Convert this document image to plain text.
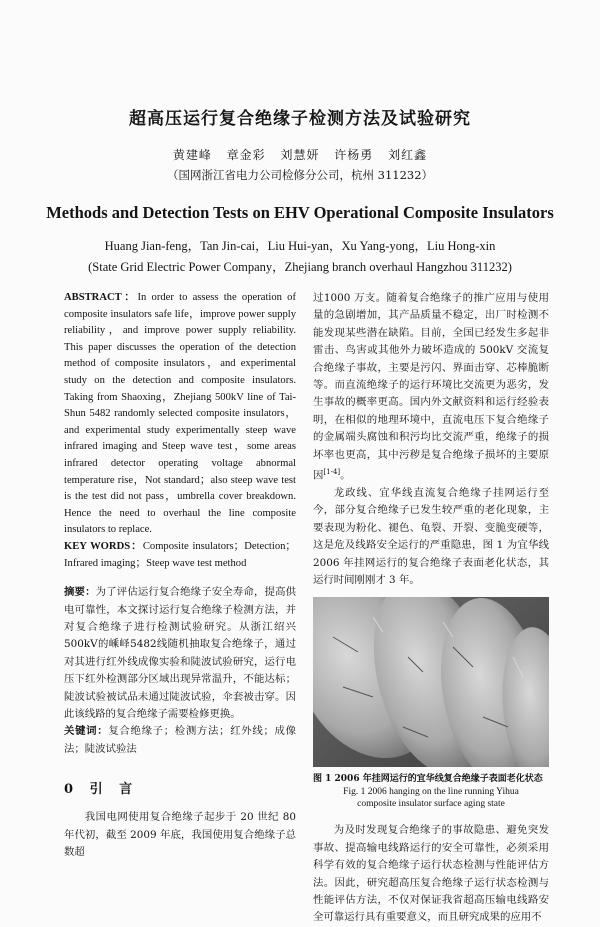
超高压运行复合绝缘子检测方法及试验研究
黄建峰 章金彩 刘慧妍 许杨勇 刘红鑫
（国网浙江省电力公司检修分公司，杭州 311232）
Methods and Detection Tests on EHV Operational Composite Insulators
Huang Jian-feng，Tan Jin-cai，Liu Hui-yan，Xu Yang-yong，Liu Hong-xin
(State Grid Electric Power Company，Zhejiang branch overhaul Hangzhou 311232)

ABSTRACT：In order to assess the operation of composite insulators safe life，improve power supply reliability，and improve power supply reliability. This paper discusses the operation of the detection method of composite insulators，and experimental study on the detection and composite insulators. Taking from Shaoxing，Zhejiang 500kV line of Tai- Shun 5482 randomly selected composite insulators，and experimental study experimentally steep wave infrared imaging and Steep wave test，some areas infrared detector operating voltage abnormal temperature rise，Not standard；also steep wave test is the test did not pass，umbrella cover breakdown. Hence the need to overhaul the line composite insulators to replace.

KEY WORDS：Composite insulators；Detection；Infrared imaging；Steep wave test method

摘要：为了评估运行复合绝缘子安全寿命，提高供电可靠性，本文探讨运行复合绝缘子检测方法，并对复合绝缘子进行检测试验研究。从浙江绍兴500kV的嵊峄5482线随机抽取复合绝缘子，通过对其进行红外线成像实验和陡波试验研究，运行电压下红外检测部分区域出现异常温升，不能达标；陡波试验被试品未通过陡波试验，伞套被击穿。因此该线路的复合绝缘子需要检修更换。

关键词：复合绝缘子；检测方法；红外线；成像法；陡波试验法

0 引 言

我国电网使用复合绝缘子起步于 20 世纪 80 年代初，截至 2009 年底，我国使用复合绝缘子总数超

过1000 万支。随着复合绝缘子的推广应用与使用量的急剧增加，其产品质量不稳定，出厂时检测不能发现某些潜在缺陷。目前，全国已经发生多起非雷击、鸟害或其他外力破坏造成的 500kV 交流复合绝缘子事故，主要是污闪、界面击穿、芯棒脆断等。而直流绝缘子的运行环境比交流更为恶劣，发生事故的概率更高。国内外文献资料和运行经验表明，在相似的地理环境中，直流电压下复合绝缘子的金属端头腐蚀和积污均比交流严重，绝缘子的损坏率也更高，其中污秽是复合绝缘子损坏的主要原因[1-4]。

龙政线、宜华线直流复合绝缘子挂网运行至今，部分复合绝缘子已发生较严重的老化现象，主要表现为粉化、褪色、龟裂、开裂、变脆变硬等，这是危及线路安全运行的严重隐患，图 1 为宜华线 2006 年挂网运行的复合绝缘子表面老化状态，其运行时间刚刚才 3 年。

图 1 2006 年挂网运行的宜华线复合绝缘子表面老化状态

Fig. 1 2006 hanging on the line running Yihua

composite insulator surface aging state

为及时发现复合绝缘子的事故隐患、避免突发事故、提高输电线路运行的安全可靠性，必须采用科学有效的复合绝缘子运行状态检测与性能评估方法。因此，研究超高压复合绝缘子运行状态检测与性能评估方法，不仅对保证我省超高压输电线路安全可靠运行具有重要意义，而且研究成果的应用不
